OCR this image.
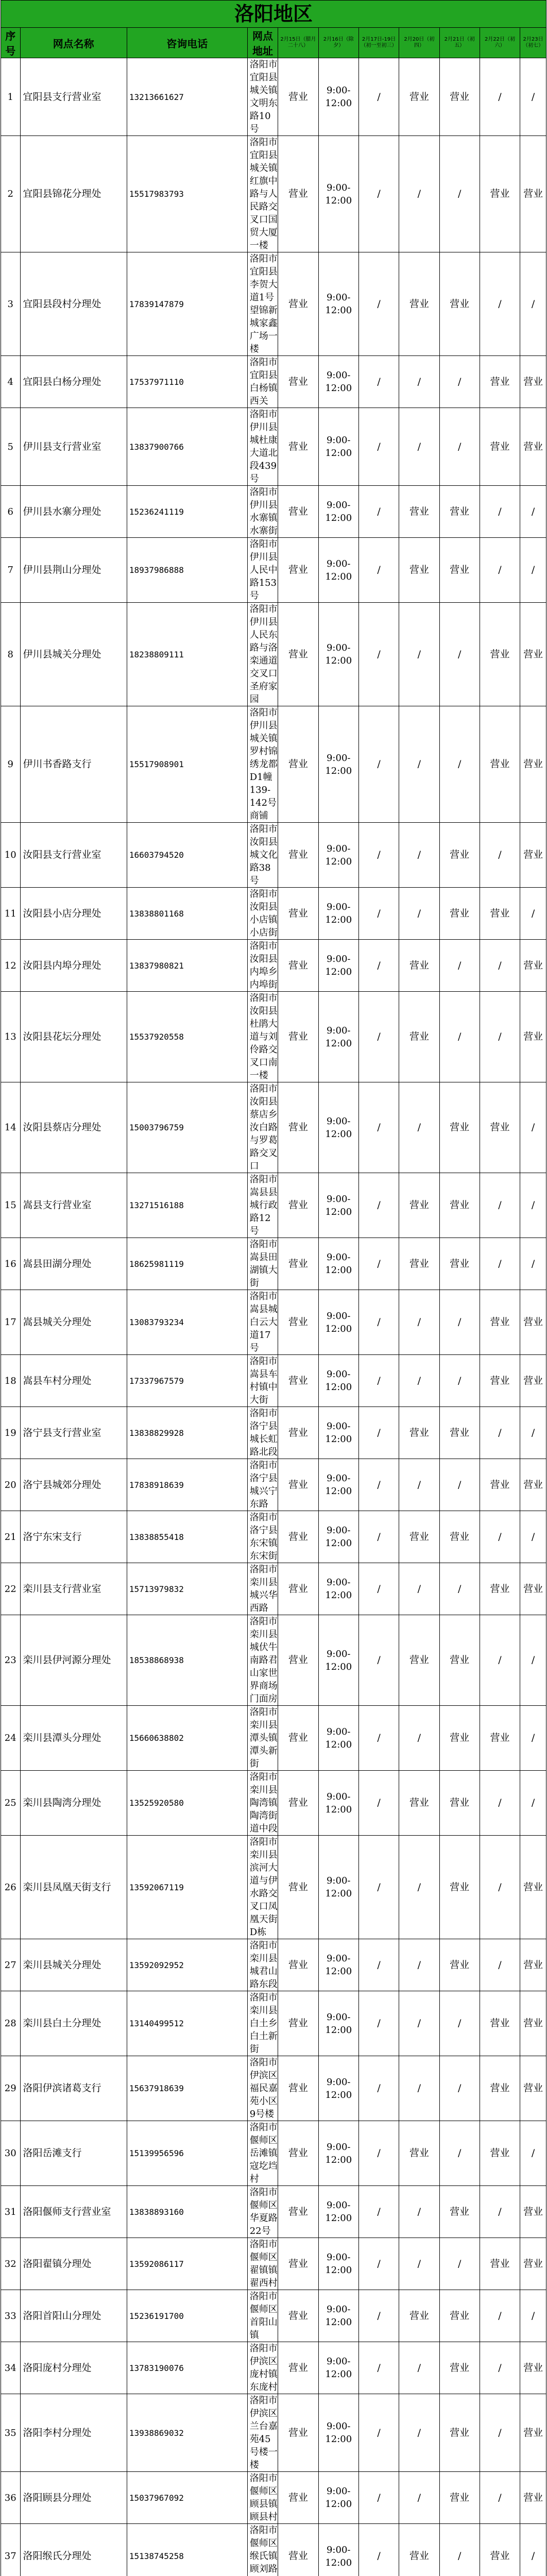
洛阳地区										
序号	网点名称	咨询电话	网点地址	2月15日（腊月二十八）	2月16日（除夕）	2月17日-19日（初一至初三）	2月20日（初四）	2月21日（初五）	2月22日（初六）	2月23日（初七）
1	宜阳县支行营业室	13213661627	洛阳市宜阳县城关镇文明东路10号	营业	9:00-12:00	/	营业	营业	/	/
2	宜阳县锦花分理处	15517983793	洛阳市宜阳县城关镇红旗中路与人民路交叉口国贸大厦一楼	营业	9:00-12:00	/	/	/	营业	营业
3	宜阳县段村分理处	17839147879	洛阳市宜阳县李贺大道1号望锦新城家鑫广场一楼	营业	9:00-12:00	/	营业	营业	/	/
4	宜阳县白杨分理处	17537971110	洛阳市宜阳县白杨镇西关	营业	9:00-12:00	/	/	/	营业	营业
5	伊川县支行营业室	13837900766	洛阳市伊川县城杜康大道北段439号	营业	9:00-12:00	/	/	/	营业	营业
6	伊川县水寨分理处	15236241119	洛阳市伊川县水寨镇水寨街	营业	9:00-12:00	/	营业	营业	/	/
7	伊川县荆山分理处	18937986888	洛阳市伊川县人民中路153号	营业	9:00-12:00	/	营业	营业	/	/
8	伊川县城关分理处	18238809111	洛阳市伊川县人民东路与洛栾通道交叉口圣府家园	营业	9:00-12:00	/	/	/	营业	营业
9	伊川书香路支行	15517908901	洛阳市伊川县城关镇罗村锦绣龙都D1幢139-142号商铺	营业	9:00-12:00	/	/	/	营业	营业
10	汝阳县支行营业室	16603794520	洛阳市汝阳县城文化路38号	营业	9:00-12:00	/	/	营业	/	营业
11	汝阳县小店分理处	13838801168	洛阳市汝阳县小店镇小店街	营业	9:00-12:00	/	/	营业	营业	/
12	汝阳县内埠分理处	13837980821	洛阳市汝阳县内埠乡内埠街	营业	9:00-12:00	/	营业	/	/	营业
13	汝阳县花坛分理处	15537920558	洛阳市汝阳县杜鹃大道与刘伶路交叉口南一楼	营业	9:00-12:00	/	营业	/	/	营业
14	汝阳县蔡店分理处	15003796759	洛阳市汝阳县蔡店乡汝白路与罗葛路交叉口	营业	9:00-12:00	/	/	营业	营业	/
15	嵩县支行营业室	13271516188	洛阳市嵩县县城行政路12号	营业	9:00-12:00	/	营业	营业	/	/
16	嵩县田湖分理处	18625981119	洛阳市嵩县田湖镇大街	营业	9:00-12:00	/	营业	营业	/	/
17	嵩县城关分理处	13083793234	洛阳市嵩县城白云大道17号	营业	9:00-12:00	/	/	/	营业	营业
18	嵩县车村分理处	17337967579	洛阳市嵩县车村镇中大街	营业	9:00-12:00	/	/	/	营业	营业
19	洛宁县支行营业室	13838829928	洛阳市洛宁县城长虹路北段	营业	9:00-12:00	/	营业	营业	/	/
20	洛宁县城郊分理处	17838918639	洛阳市洛宁县城兴宁东路	营业	9:00-12:00	/	/	/	营业	营业
21	洛宁东宋支行	13838855418	洛阳市洛宁县东宋镇东宋街	营业	9:00-12:00	/	营业	营业	/	/
22	栾川县支行营业室	15713979832	洛阳市栾川县城兴华西路	营业	9:00-12:00	/	/	/	营业	营业
23	栾川县伊河源分理处	18538868938	洛阳市栾川县城伏牛南路君山家世界商场门面房	营业	9:00-12:00	/	营业	营业	/	/
24	栾川县潭头分理处	15660638802	洛阳市栾川县潭头镇潭头新街	营业	9:00-12:00	/	/	营业	营业	/
25	栾川县陶湾分理处	13525920580	洛阳市栾川县陶湾镇陶湾街道中段	营业	9:00-12:00	/	营业	营业	/	/
26	栾川县凤凰天街支行	13592067119	洛阳市栾川县滨河大道与伊水路交叉口凤凰天街D栋	营业	9:00-12:00	/	/	营业	/	营业
27	栾川县城关分理处	13592092952	洛阳市栾川县城君山路东段	营业	9:00-12:00	/	/	营业	/	营业
28	栾川县白土分理处	13140499512	洛阳市栾川县白土乡白土新街	营业	9:00-12:00	/	/	/	营业	营业
29	洛阳伊滨诸葛支行	15637918639	洛阳市伊滨区福民嘉苑小区9号楼	营业	9:00-12:00	/	/	/	营业	营业
30	洛阳岳滩支行	15139956596	洛阳市偃师区岳滩镇寇圪垱村	营业	9:00-12:00	/	营业	/	营业	/
31	洛阳偃师支行营业室	13838893160	洛阳市偃师区华夏路22号	营业	9:00-12:00	/	/	营业	/	营业
32	洛阳翟镇分理处	13592086117	洛阳市偃师区翟镇镇翟西村	营业	9:00-12:00	/	/	/	营业	营业
33	洛阳首阳山分理处	15236191700	洛阳市偃师区首阳山镇	营业	9:00-12:00	/	营业	营业	/	/
34	洛阳庞村分理处	13783190076	洛阳市伊滨区庞村镇东庞村	营业	9:00-12:00	/	/	营业	/	营业
35	洛阳李村分理处	13938869032	洛阳市伊滨区兰台嘉苑45号楼一楼	营业	9:00-12:00	/	/	营业	/	营业
36	洛阳顾县分理处	15037967092	洛阳市偃师区顾县镇顾县村	营业	9:00-12:00	/	/	营业	/	营业
37	洛阳缑氏分理处	15138745258	洛阳市偃师区缑氏镇顾刘路	营业	9:00-12:00	/	营业	/	营业	/
